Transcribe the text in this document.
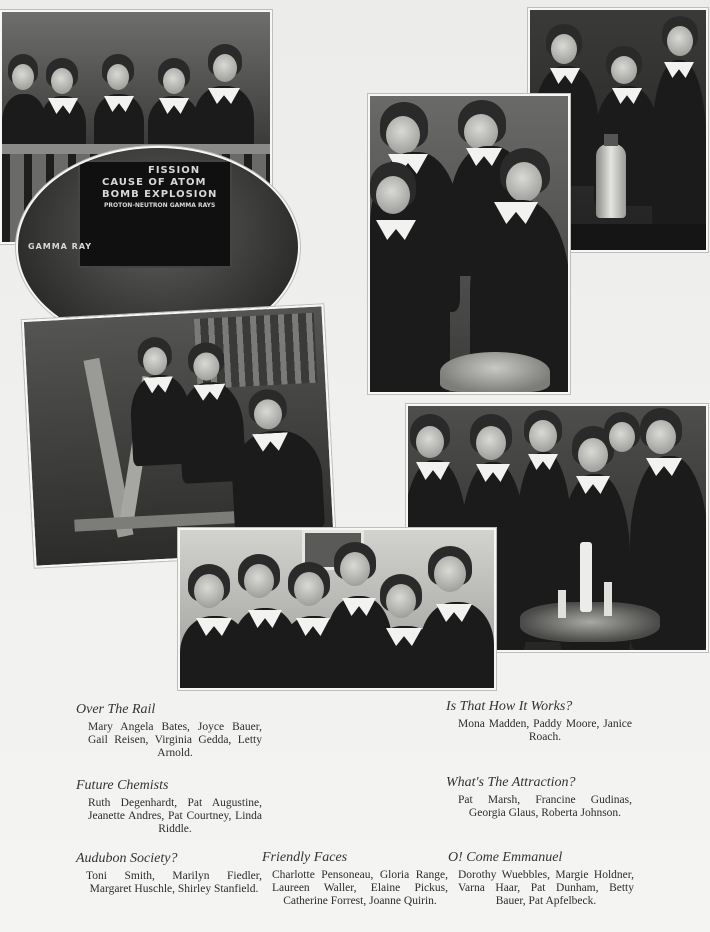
FISSION
CAUSE OF ATOM
BOMB EXPLOSION
PROTON-NEUTRON GAMMA RAYS
GAMMA RAY
Over The Rail
Mary Angela Bates, Joyce Bauer, Gail Reisen, Virginia Gedda, Letty Arnold.
Is That How It Works?
Mona Madden, Paddy Moore, Janice Roach.
Future Chemists
Ruth Degenhardt, Pat Augustine, Jeanette Andres, Pat Courtney, Linda Riddle.
What's The Attraction?
Pat Marsh, Francine Gudinas, Georgia Glaus, Roberta Johnson.
Audubon Society?
Toni Smith, Marilyn Fiedler, Margaret Huschle, Shirley Stanfield.
Friendly Faces
Charlotte Pensoneau, Gloria Range, Laureen Waller, Elaine Pickus, Catherine Forrest, Joanne Quirin.
O! Come Emmanuel
Dorothy Wuebbles, Margie Holdner, Varna Haar, Pat Dunham, Betty Bauer, Pat Apfelbeck.
